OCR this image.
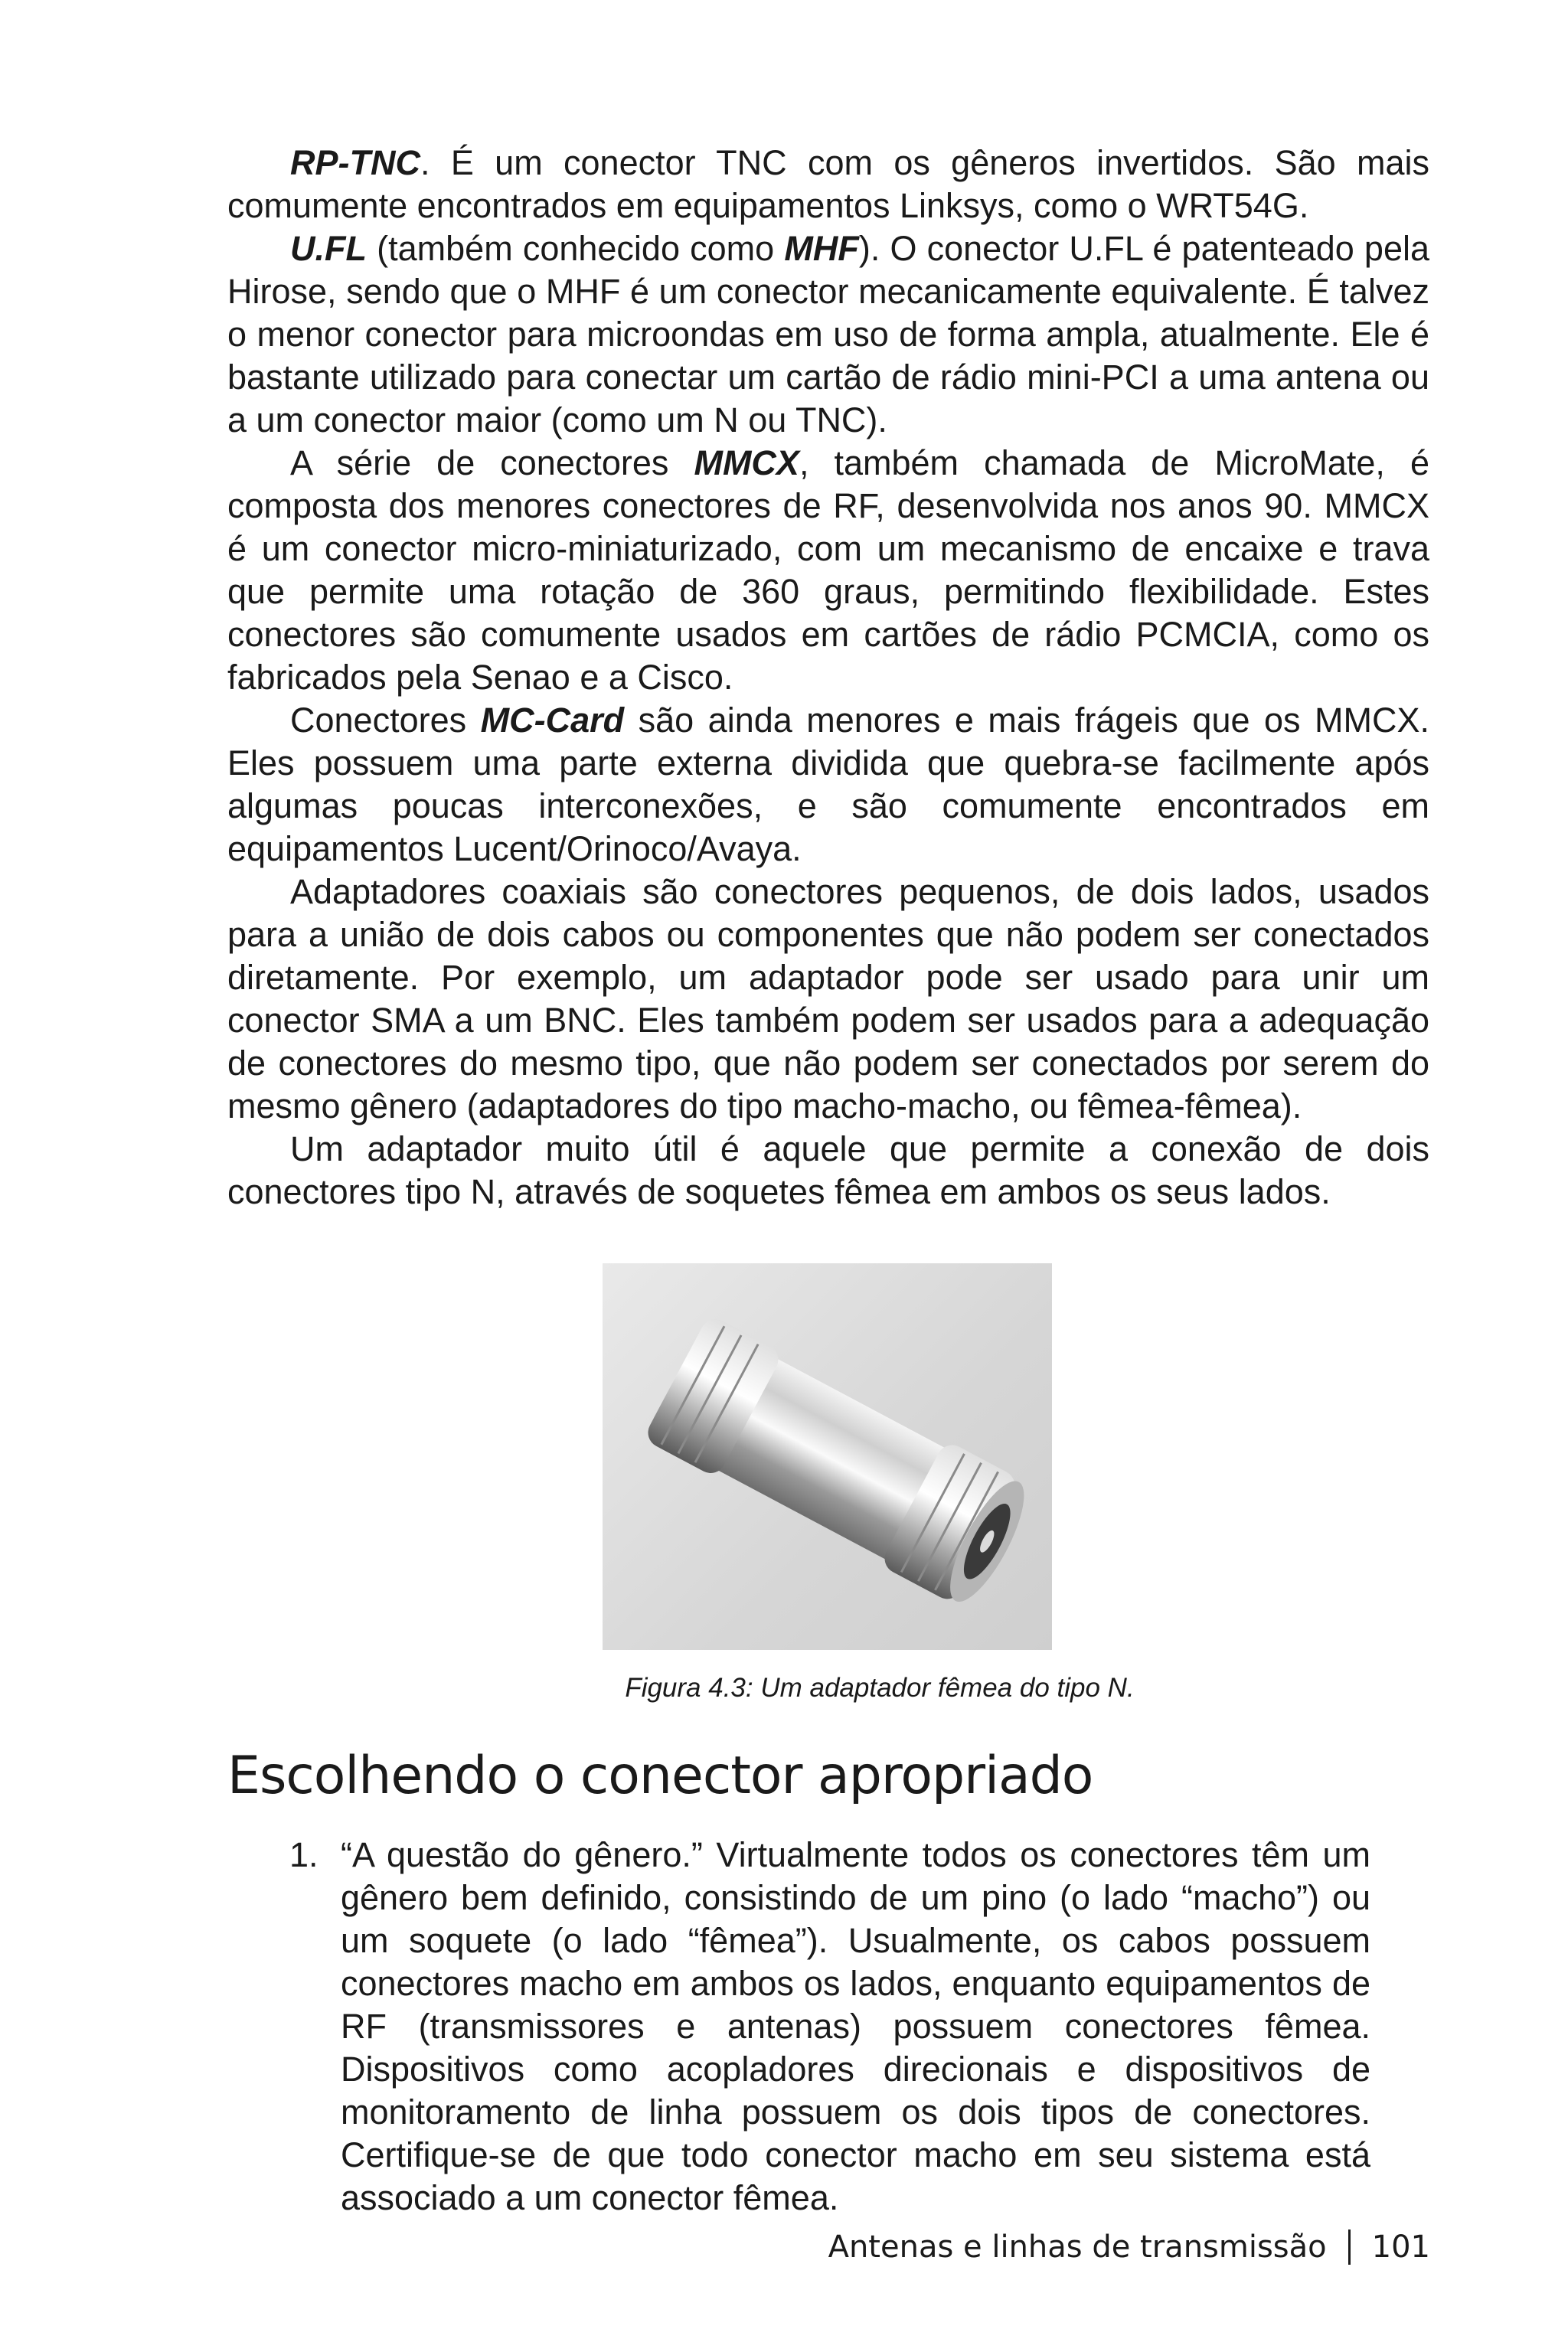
RP-TNC. É um conector TNC com os gêneros invertidos. São mais comumente encontrados em equipamentos Linksys, como o WRT54G.

U.FL (também conhecido como MHF). O conector U.FL é patenteado pela Hirose, sendo que o MHF é um conector mecanicamente equivalente. É talvez o menor conector para microondas em uso de forma ampla, atualmente. Ele é bastante utilizado para conectar um cartão de rádio mini-PCI a uma antena ou a um conector maior (como um N ou TNC).

A série de conectores MMCX, também chamada de MicroMate, é composta dos menores conectores de RF, desenvolvida nos anos 90. MMCX é um conector micro-miniaturizado, com um mecanismo de encaixe e trava que permite uma rotação de 360 graus, permitindo flexibilidade. Estes conectores são comumente usados em cartões de rádio PCMCIA, como os fabricados pela Senao e a Cisco.

Conectores MC-Card são ainda menores e mais frágeis que os MMCX. Eles possuem uma parte externa dividida que quebra-se facilmente após algumas poucas interconexões, e são comumente encontrados em equipamentos Lucent/Orinoco/Avaya.

Adaptadores coaxiais são conectores pequenos, de dois lados, usados para a união de dois cabos ou componentes que não podem ser conectados diretamente. Por exemplo, um adaptador pode ser usado para unir um conector SMA a um BNC. Eles também podem ser usados para a adequação de conectores do mesmo tipo, que não podem ser conectados por serem do mesmo gênero (adaptadores do tipo macho-macho, ou fêmea-fêmea).

Um adaptador muito útil é aquele que permite a conexão de dois conectores tipo N, através de soquetes fêmea em ambos os seus lados.

Figura 4.3: Um adaptador fêmea do tipo N.
Escolhendo o conector apropriado
1. “A questão do gênero.” Virtualmente todos os conectores têm um gênero bem definido, consistindo de um pino (o lado “macho”) ou um soquete (o lado “fêmea”). Usualmente, os cabos possuem conectores macho em ambos os lados, enquanto equipamentos de RF (transmissores e antenas) possuem conectores fêmea. Dispositivos como acopladores direcionais e dispositivos de monitoramento de linha possuem os dois tipos de conectores. Certifique-se de que todo conector macho em seu sistema está associado a um conector fêmea.
Antenas e linhas de transmissão 101
